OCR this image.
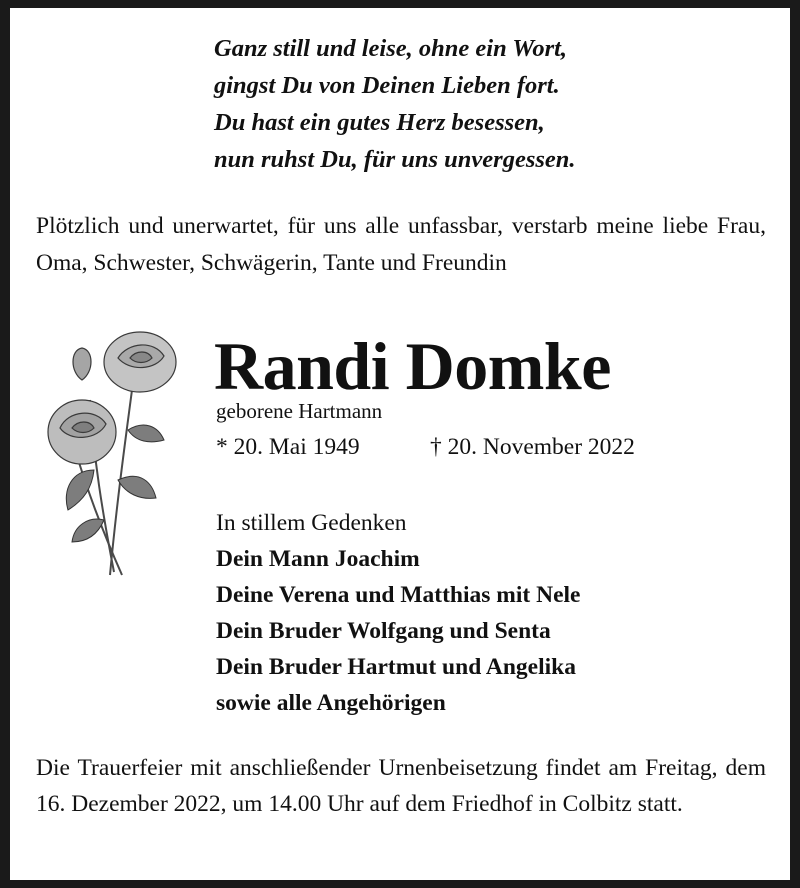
Ganz still und leise, ohne ein Wort,
gingst Du von Deinen Lieben fort.
Du hast ein gutes Herz besessen,
nun ruhst Du, für uns unvergessen.
Plötzlich und unerwartet, für uns alle unfassbar, verstarb meine liebe Frau, Oma, Schwester, Schwägerin, Tante und Freundin
Randi Domke
geborene Hartmann
* 20. Mai 1949	† 20. November 2022
In stillem Gedenken
Dein Mann Joachim
Deine Verena und Matthias mit Nele
Dein Bruder Wolfgang und Senta
Dein Bruder Hartmut und Angelika
sowie alle Angehörigen
Die Trauerfeier mit anschließender Urnenbeisetzung findet am Freitag, dem 16. Dezember 2022, um 14.00 Uhr auf dem Friedhof in Colbitz statt.
